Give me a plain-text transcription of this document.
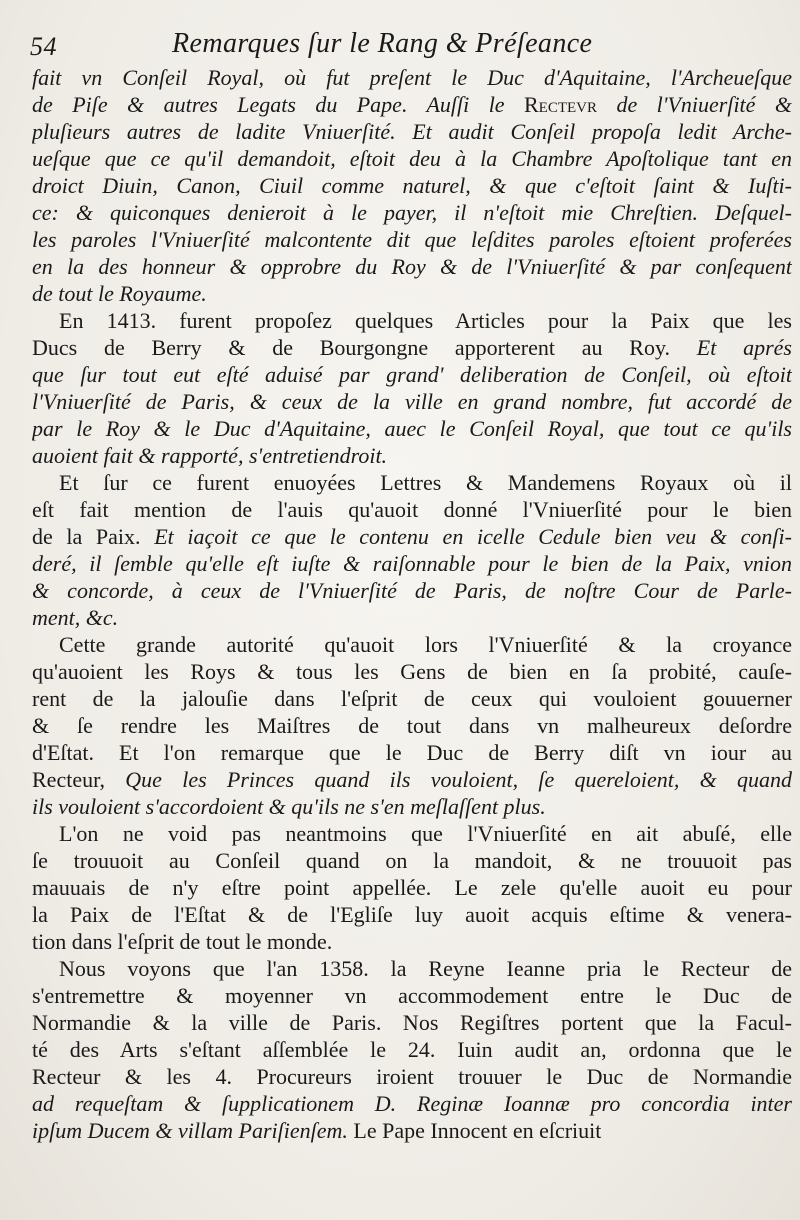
54	Remarques ſur le Rang & Préſeance
fait vn Conſeil Royal, où fut preſent le Duc d'Aquitaine, l'Archeueſque
de Piſe & autres Legats du Pape. Auſſi le Rectevr de l'Vniuerſité &
pluſieurs autres de ladite Vniuerſité. Et audit Conſeil propoſa ledit Arche-
ueſque que ce qu'il demandoit, eſtoit deu à la Chambre Apoſtolique tant en
droict Diuin, Canon, Ciuil comme naturel, & que c'eſtoit ſaint & Iuſti-
ce: & quiconques denieroit à le payer, il n'eſtoit mie Chreſtien. Deſquel-
les paroles l'Vniuerſité malcontente dit que leſdites paroles eſtoient proferées
en la des honneur & opprobre du Roy & de l'Vniuerſité & par conſequent
de tout le Royaume.
En 1413. furent propoſez quelques Articles pour la Paix que les
Ducs de Berry & de Bourgongne apporterent au Roy. Et aprés
que ſur tout eut eſté aduisé par grand' deliberation de Conſeil, où eſtoit
l'Vniuerſité de Paris, & ceux de la ville en grand nombre, fut accordé de
par le Roy & le Duc d'Aquitaine, auec le Conſeil Royal, que tout ce qu'ils
auoient fait & rapporté, s'entretiendroit.
Et ſur ce furent enuoyées Lettres & Mandemens Royaux où il
eſt fait mention de l'auis qu'auoit donné l'Vniuerſité pour le bien
de la Paix. Et iaçoit ce que le contenu en icelle Cedule bien veu & conſi-
deré, il ſemble qu'elle eſt iuſte & raiſonnable pour le bien de la Paix, vnion
& concorde, à ceux de l'Vniuerſité de Paris, de noſtre Cour de Parle-
ment, &c.
Cette grande autorité qu'auoit lors l'Vniuerſité & la croyance
qu'auoient les Roys & tous les Gens de bien en ſa probité, cauſe-
rent de la jalouſie dans l'eſprit de ceux qui vouloient gouuerner
& ſe rendre les Maiſtres de tout dans vn malheureux deſordre
d'Eſtat. Et l'on remarque que le Duc de Berry diſt vn iour au
Recteur, Que les Princes quand ils vouloient, ſe quereloient, & quand
ils vouloient s'accordoient & qu'ils ne s'en meſlaſſent plus.
L'on ne void pas neantmoins que l'Vniuerſité en ait abuſé, elle
ſe trouuoit au Conſeil quand on la mandoit, & ne trouuoit pas
mauuais de n'y eſtre point appellée. Le zele qu'elle auoit eu pour
la Paix de l'Eſtat & de l'Egliſe luy auoit acquis eſtime & venera-
tion dans l'eſprit de tout le monde.
Nous voyons que l'an 1358. la Reyne Ieanne pria le Recteur de
s'entremettre & moyenner vn accommodement entre le Duc de
Normandie & la ville de Paris. Nos Regiſtres portent que la Facul-
té des Arts s'eſtant aſſemblée le 24. Iuin audit an, ordonna que le
Recteur & les 4. Procureurs iroient trouuer le Duc de Normandie
ad requeſtam & ſupplicationem D. Reginæ Ioannæ pro concordia inter
ipſum Ducem & villam Pariſienſem. Le Pape Innocent en eſcriuit
